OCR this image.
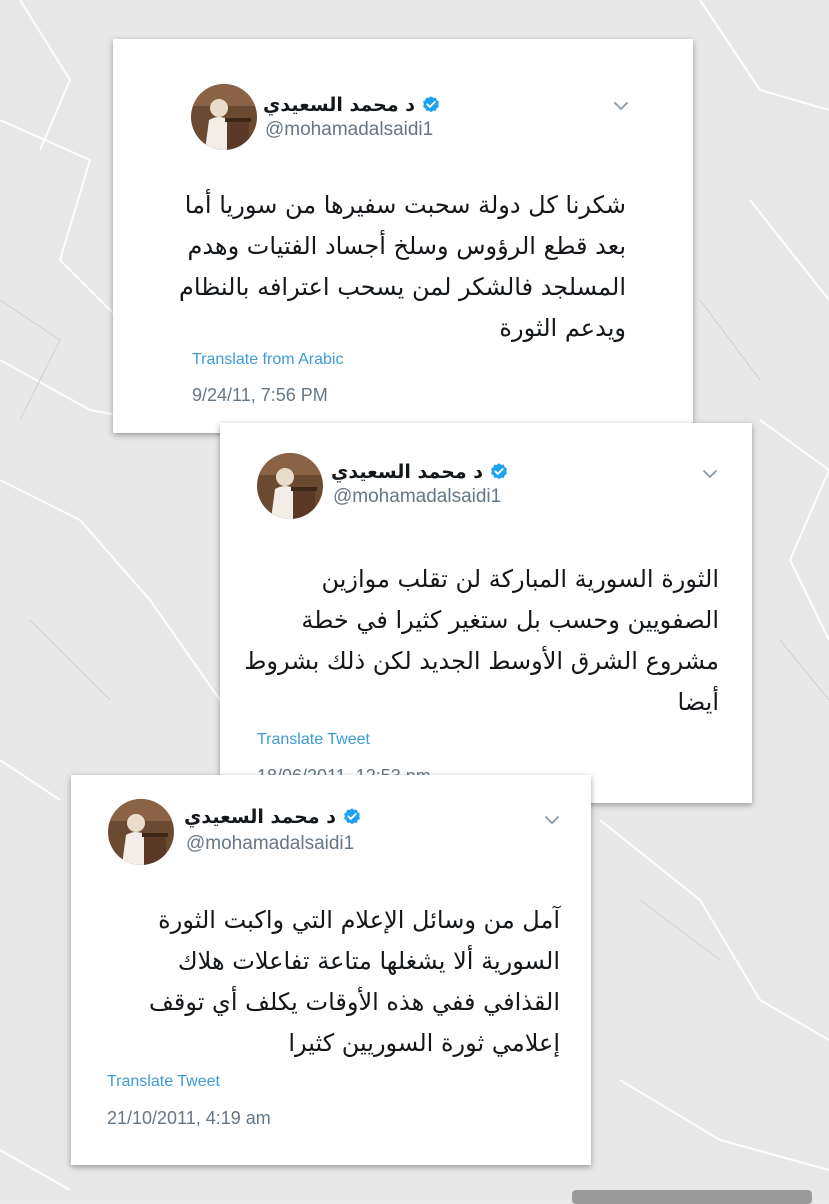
د محمد السعيدي
@mohamadalsaidi1
شكرنا كل دولة سحبت سفيرها من سوريا أما
بعد قطع الرؤوس وسلخ أجساد الفتيات وهدم
المسلجد فالشكر لمن يسحب اعترافه بالنظام
ويدعم الثورة
Translate from Arabic
9/24/11, 7:56 PM
د محمد السعيدي
@mohamadalsaidi1
الثورة السورية المباركة لن تقلب موازين
الصفويين وحسب بل ستغير كثيرا في خطة
مشروع الشرق الأوسط الجديد لكن ذلك بشروط
أيضا
Translate Tweet
د محمد السعيدي
@mohamadalsaidi1
آمل من وسائل الإعلام التي واكبت الثورة
السورية ألا يشغلها متاعة تفاعلات هلاك
القذافي ففي هذه الأوقات يكلف أي توقف
إعلامي ثورة السوريين كثيرا
Translate Tweet
21/10/2011, 4:19 am
